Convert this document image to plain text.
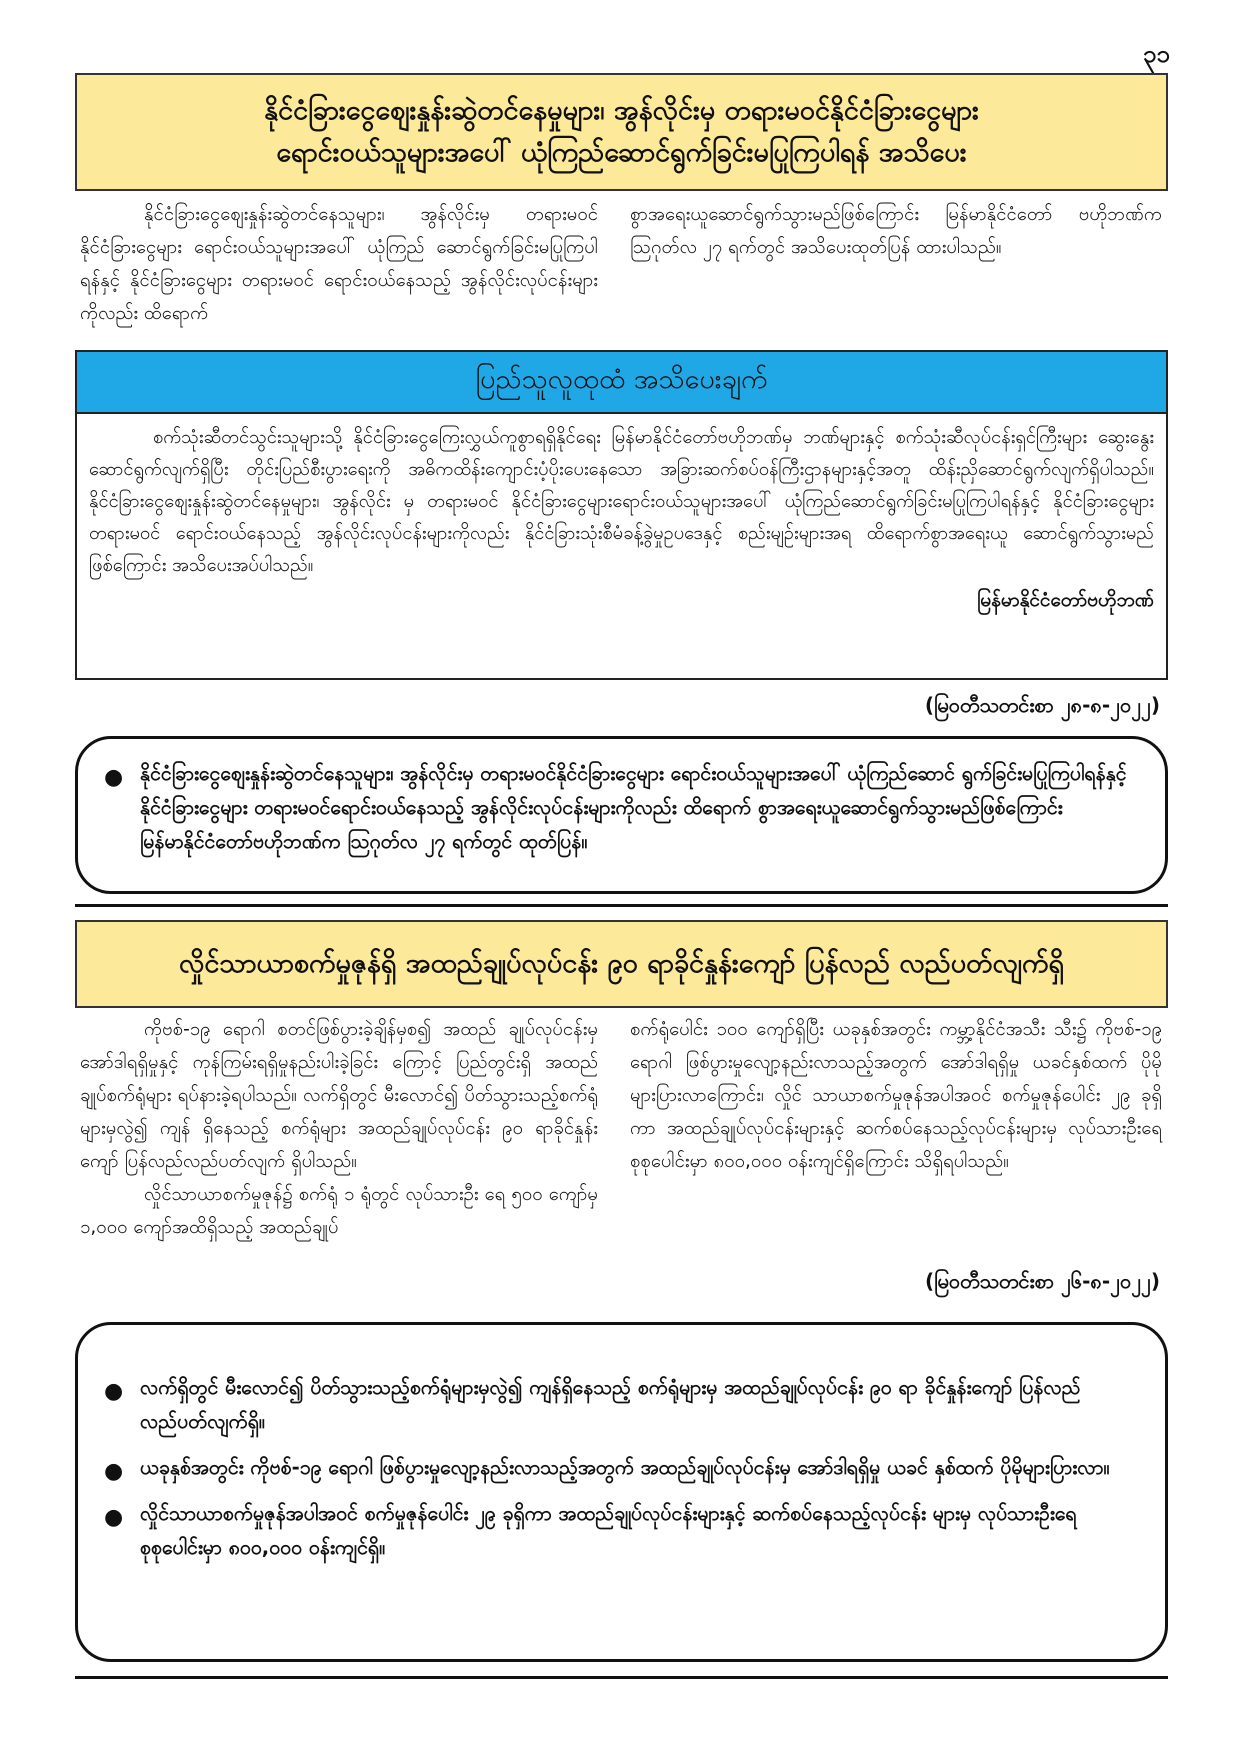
၃၁
နိုင်ငံခြားငွေစျေးနှုန်းဆွဲတင်နေမှုများ၊ အွန်လိုင်းမှ တရားမဝင်နိုင်ငံခြားငွေများ
ရောင်းဝယ်သူများအပေါ် ယုံကြည်ဆောင်ရွက်ခြင်းမပြုကြပါရန် အသိပေး

နိုင်ငံခြားငွေစျေးနှုန်းဆွဲတင်နေသူများ၊ အွန်လိုင်းမှ တရားမဝင်နိုင်ငံခြားငွေများ ရောင်းဝယ်သူများအပေါ် ယုံကြည် ဆောင်ရွက်ခြင်းမပြုကြပါရန်နှင့် နိုင်ငံခြားငွေများ တရားမဝင် ရောင်းဝယ်နေသည့် အွန်လိုင်းလုပ်ငန်းများကိုလည်း ထိရောက်

စွာအရေးယူဆောင်ရွက်သွားမည်ဖြစ်ကြောင်း မြန်မာနိုင်ငံတော် ဗဟိုဘဏ်က ဩဂုတ်လ ၂၇ ရက်တွင် အသိပေးထုတ်ပြန် ထားပါသည်။

ပြည်သူလူထုထံ အသိပေးချက်

စက်သုံးဆီတင်သွင်းသူများသို့ နိုင်ငံခြားငွေကြေးလွှယ်ကူစွာရရှိနိုင်ရေး မြန်မာနိုင်ငံတော်ဗဟိုဘဏ်မှ ဘဏ်များနှင့် စက်သုံးဆီလုပ်ငန်းရှင်ကြီးများ ဆွေးနွေးဆောင်ရွက်လျက်ရှိပြီး တိုင်းပြည်စီးပွားရေးကို အဓိကထိန်းကျောင်းပံ့ပိုးပေးနေသော အခြားဆက်စပ်ဝန်ကြီးဌာနများနှင့်အတူ ထိန်းညှိဆောင်ရွက်လျက်ရှိပါသည်။ နိုင်ငံခြားငွေစျေးနှုန်းဆွဲတင်နေမှုများ၊ အွန်လိုင်း မှ တရားမဝင် နိုင်ငံခြားငွေများရောင်းဝယ်သူများအပေါ် ယုံကြည်ဆောင်ရွက်ခြင်းမပြုကြပါရန်နှင့် နိုင်ငံခြားငွေများ တရားမဝင် ရောင်းဝယ်နေသည့် အွန်လိုင်းလုပ်ငန်းများကိုလည်း နိုင်ငံခြားသုံးစီမံခန့်ခွဲမှုဥပဒေနှင့် စည်းမျဉ်းများအရ ထိရောက်စွာအရေးယူ ဆောင်ရွက်သွားမည်ဖြစ်ကြောင်း အသိပေးအပ်ပါသည်။

မြန်မာနိုင်ငံတော်ဗဟိုဘဏ်
(မြဝတီသတင်းစာ ၂၈-၈-၂၀၂၂)
● နိုင်ငံခြားငွေစျေးနှုန်းဆွဲတင်နေသူများ၊ အွန်လိုင်းမှ တရားမဝင်နိုင်ငံခြားငွေများ ရောင်းဝယ်သူများအပေါ် ယုံကြည်ဆောင် ရွက်ခြင်းမပြုကြပါရန်နှင့် နိုင်ငံခြားငွေများ တရားမဝင်ရောင်းဝယ်နေသည့် အွန်လိုင်းလုပ်ငန်းများကိုလည်း ထိရောက် စွာအရေးယူဆောင်ရွက်သွားမည်ဖြစ်ကြောင်း မြန်မာနိုင်ငံတော်ဗဟိုဘဏ်က ဩဂုတ်လ ၂၇ ရက်တွင် ထုတ်ပြန်။
လှိုင်သာယာစက်မှုဇုန်ရှိ အထည်ချုပ်လုပ်ငန်း ၉၀ ရာခိုင်နှုန်းကျော် ပြန်လည် လည်ပတ်လျက်ရှိ

ကိုဗစ်-၁၉ ရောဂါ စတင်ဖြစ်ပွားခဲ့ချိန်မှစ၍ အထည် ချုပ်လုပ်ငန်းမှ အော်ဒါရရှိမှုနှင့် ကုန်ကြမ်းရရှိမှုနည်းပါးခဲ့ခြင်း ကြောင့် ပြည်တွင်းရှိ အထည်ချုပ်စက်ရုံများ ရပ်နားခဲ့ရပါသည်။ လက်ရှိတွင် မီးလောင်၍ ပိတ်သွားသည့်စက်ရုံများမှလွဲ၍ ကျန် ရှိနေသည့် စက်ရုံများ အထည်ချုပ်လုပ်ငန်း ၉၀ ရာခိုင်နှုန်း ကျော် ပြန်လည်လည်ပတ်လျက် ရှိပါသည်။

လှိုင်သာယာစက်မှုဇုန်၌ စက်ရုံ ၁ ရုံတွင် လုပ်သားဦး ရေ ၅၀၀ ကျော်မှ ၁,၀၀၀ ကျော်အထိရှိသည့် အထည်ချုပ်

စက်ရုံပေါင်း ၁၀၀ ကျော်ရှိပြီး ယခုနှစ်အတွင်း ကမ္ဘာ့နိုင်ငံအသီး သီး၌ ကိုဗစ်-၁၉ ရောဂါ ဖြစ်ပွားမှုလျော့နည်းလာသည့်အတွက် အော်ဒါရရှိမှု ယခင်နှစ်ထက် ပိုမိုများပြားလာကြောင်း၊ လှိုင် သာယာစက်မှုဇုန်အပါအဝင် စက်မှုဇုန်ပေါင်း ၂၉ ခုရှိကာ အထည်ချုပ်လုပ်ငန်းများနှင့် ဆက်စပ်နေသည့်လုပ်ငန်းများမှ လုပ်သားဦးရေ စုစုပေါင်းမှာ ၈၀၀,၀၀၀ ဝန်းကျင်ရှိကြောင်း သိရှိရပါသည်။

(မြဝတီသတင်းစာ ၂၆-၈-၂၀၂၂)
● လက်ရှိတွင် မီးလောင်၍ ပိတ်သွားသည့်စက်ရုံများမှလွဲ၍ ကျန်ရှိနေသည့် စက်ရုံများမှ အထည်ချုပ်လုပ်ငန်း ၉၀ ရာ ခိုင်နှုန်းကျော် ပြန်လည်လည်ပတ်လျက်ရှိ။
● ယခုနှစ်အတွင်း ကိုဗစ်-၁၉ ရောဂါ ဖြစ်ပွားမှုလျော့နည်းလာသည့်အတွက် အထည်ချုပ်လုပ်ငန်းမှ အော်ဒါရရှိမှု ယခင် နှစ်ထက် ပိုမိုများပြားလာ။
● လှိုင်သာယာစက်မှုဇုန်အပါအဝင် စက်မှုဇုန်ပေါင်း ၂၉ ခုရှိကာ အထည်ချုပ်လုပ်ငန်းများနှင့် ဆက်စပ်နေသည့်လုပ်ငန်း များမှ လုပ်သားဦးရေစုစုပေါင်းမှာ ၈၀၀,၀၀၀ ဝန်းကျင်ရှိ။
